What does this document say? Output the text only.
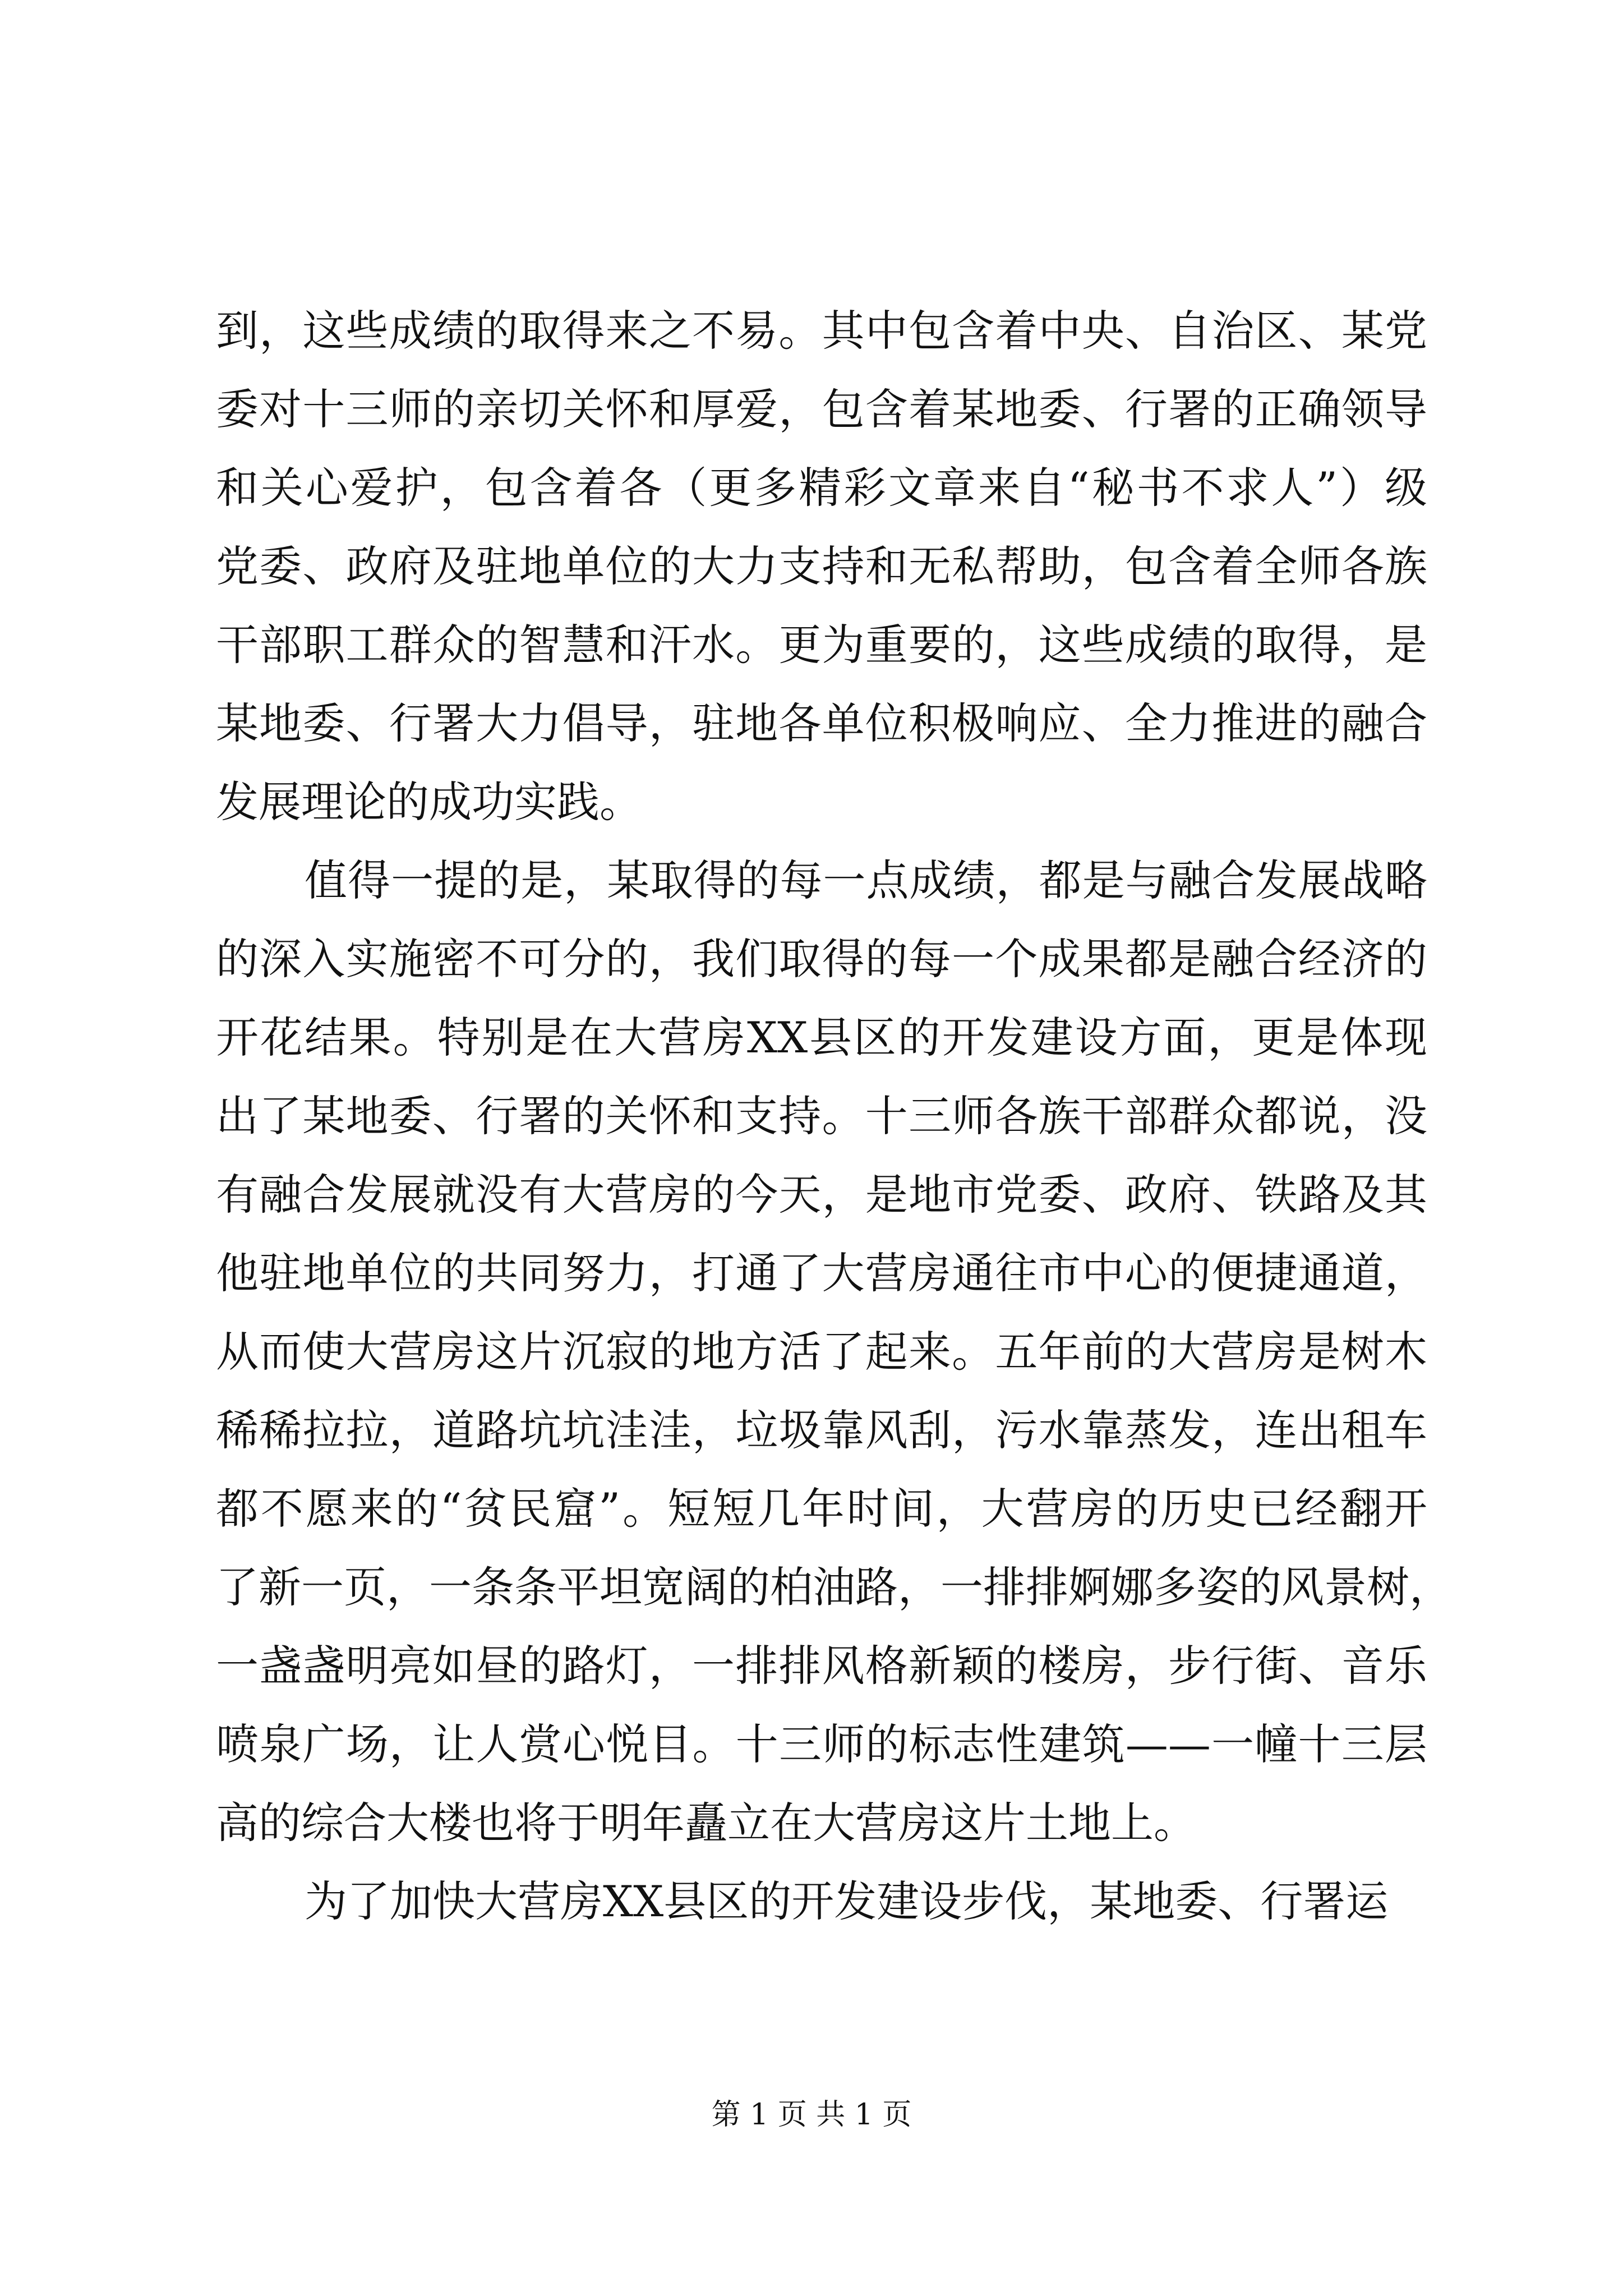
到，这些成绩的取得来之不易。其中包含着中央、自治区、某党
委对十三师的亲切关怀和厚爱，包含着某地委、行署的正确领导
和关心爱护，包含着各（更多精彩文章来自“秘书不求人”）级
党委、政府及驻地单位的大力支持和无私帮助，包含着全师各族
干部职工群众的智慧和汗水。更为重要的，这些成绩的取得，是
某地委、行署大力倡导，驻地各单位积极响应、全力推进的融合
发展理论的成功实践。
值得一提的是，某取得的每一点成绩，都是与融合发展战略
的深入实施密不可分的，我们取得的每一个成果都是融合经济的
开花结果。特别是在大营房XX县区的开发建设方面，更是体现
出了某地委、行署的关怀和支持。十三师各族干部群众都说，没
有融合发展就没有大营房的今天，是地市党委、政府、铁路及其
他驻地单位的共同努力，打通了大营房通往市中心的便捷通道，
从而使大营房这片沉寂的地方活了起来。五年前的大营房是树木
稀稀拉拉，道路坑坑洼洼，垃圾靠风刮，污水靠蒸发，连出租车
都不愿来的“贫民窟”。短短几年时间，大营房的历史已经翻开
了新一页，一条条平坦宽阔的柏油路，一排排婀娜多姿的风景树，
一盏盏明亮如昼的路灯，一排排风格新颖的楼房，步行街、音乐
喷泉广场，让人赏心悦目。十三师的标志性建筑——一幢十三层
高的综合大楼也将于明年矗立在大营房这片土地上。
为了加快大营房XX县区的开发建设步伐，某地委、行署运
第 1 页 共 1 页
